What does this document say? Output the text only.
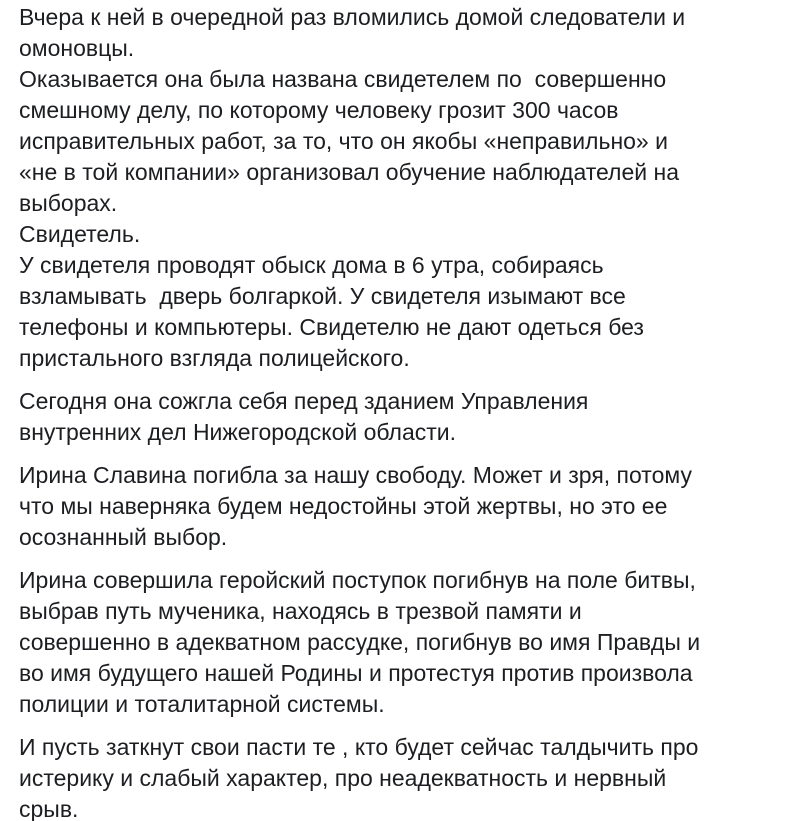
Вчера к ней в очередной раз вломились домой следователи и
омоновцы.
Оказывается она была названа свидетелем по  совершенно
смешному делу, по которому человеку грозит 300 часов
исправительных работ, за то, что он якобы «неправильно» и
«не в той компании» организовал обучение наблюдателей на
выборах.
Свидетель.
У свидетеля проводят обыск дома в 6 утра, собираясь
взламывать  дверь болгаркой. У свидетеля изымают все
телефоны и компьютеры. Свидетелю не дают одеться без
пристального взгляда полицейского.

Сегодня она сожгла себя перед зданием Управления
внутренних дел Нижегородской области.

Ирина Славина погибла за нашу свободу. Может и зря, потому
что мы наверняка будем недостойны этой жертвы, но это ее
осознанный выбор.

Ирина совершила геройский поступок погибнув на поле битвы,
выбрав путь мученика, находясь в трезвой памяти и
совершенно в адекватном рассудке, погибнув во имя Правды и
во имя будущего нашей Родины и протестуя против произвола
полиции и тоталитарной системы.

И пусть заткнут свои пасти те , кто будет сейчас талдычить про
истерику и слабый характер, про неадекватность и нервный
срыв.
